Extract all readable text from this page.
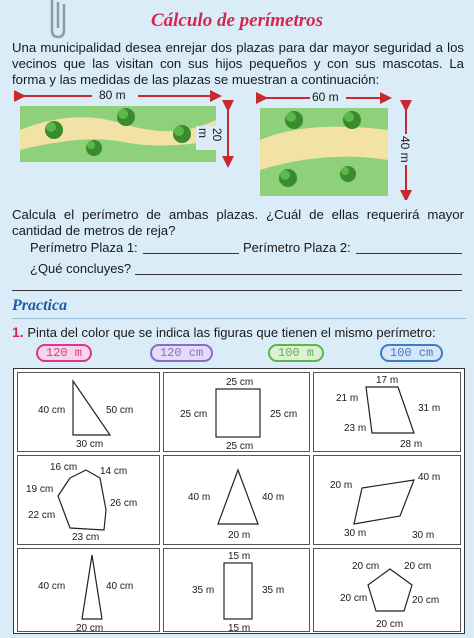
Cálculo de perímetros
Una municipalidad desea enrejar dos plazas para dar mayor seguridad a los vecinos que las visitan con sus hijos pequeños y con sus mascotas. La forma y las medidas de las plazas se muestran a continuación:
80 m
20 m
60 m
40 m
Calcula el perímetro de ambas plazas. ¿Cuál de ellas requerirá mayor cantidad de metros de reja?
Perímetro Plaza 1:	Perímetro Plaza 2:
¿Qué concluyes?
Practica
1. Pinta del color que se indica las figuras que tienen el mismo perímetro:
120 m	120 cm	100 m	100 cm
40 cm	50 cm
30 cm
25 cm
25 cm	25 cm
25 cm
17 m
21 m
31 m
23 m
28 m
16 cm 14 cm
19 cm
26 cm
22 cm
23 cm
40 m	40 m
20 m
20 m
40 m
30 m	30 m
40 cm	40 cm
20 cm
15 m
35 m	35 m
15 m
20 cm 20 cm
20 cm	20 cm
20 cm
